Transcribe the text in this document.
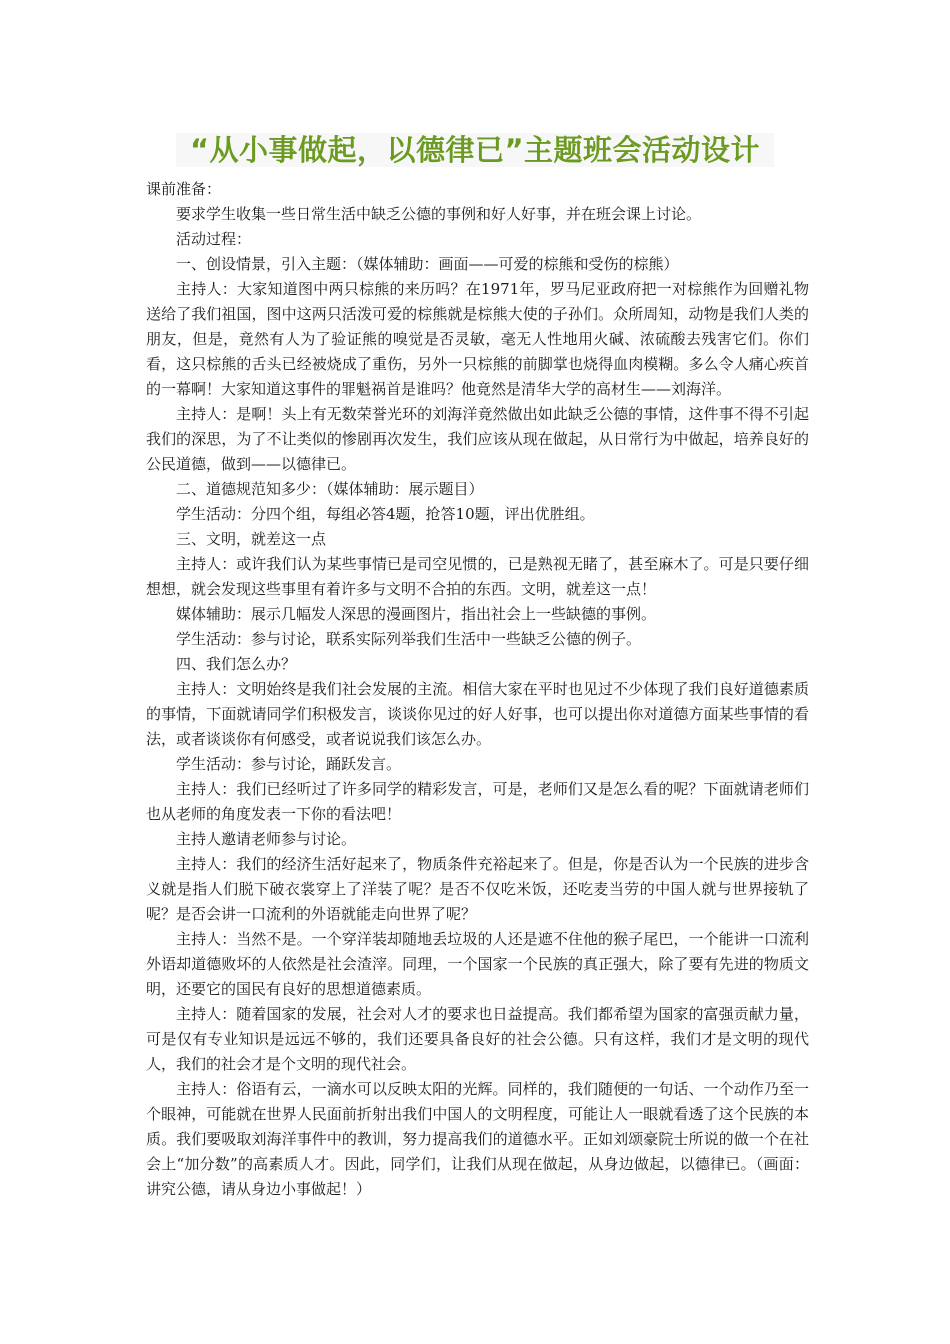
“从小事做起，以德律已”主题班会活动设计

课前准备：

要求学生收集一些日常生活中缺乏公德的事例和好人好事，并在班会课上讨论。

活动过程：

一、创设情景，引入主题：（媒体辅助：画面——可爱的棕熊和受伤的棕熊）

主持人：大家知道图中两只棕熊的来历吗？在1971年，罗马尼亚政府把一对棕熊作为回赠礼物送给了我们祖国，图中这两只活泼可爱的棕熊就是棕熊大使的子孙们。众所周知，动物是我们人类的朋友，但是，竟然有人为了验证熊的嗅觉是否灵敏，毫无人性地用火碱、浓硫酸去残害它们。你们看，这只棕熊的舌头已经被烧成了重伤，另外一只棕熊的前脚掌也烧得血肉模糊。多么令人痛心疾首的一幕啊！大家知道这事件的罪魁祸首是谁吗？他竟然是清华大学的高材生——刘海洋。

主持人：是啊！头上有无数荣誉光环的刘海洋竟然做出如此缺乏公德的事情，这件事不得不引起我们的深思，为了不让类似的惨剧再次发生，我们应该从现在做起，从日常行为中做起，培养良好的公民道德，做到——以德律已。

二、道德规范知多少：（媒体辅助：展示题目）

学生活动：分四个组，每组必答4题，抢答10题，评出优胜组。

三、文明，就差这一点

主持人：或许我们认为某些事情已是司空见惯的，已是熟视无睹了，甚至麻木了。可是只要仔细想想，就会发现这些事里有着许多与文明不合拍的东西。文明，就差这一点！

媒体辅助：展示几幅发人深思的漫画图片，指出社会上一些缺德的事例。

学生活动：参与讨论，联系实际列举我们生活中一些缺乏公德的例子。

四、我们怎么办？

主持人：文明始终是我们社会发展的主流。相信大家在平时也见过不少体现了我们良好道德素质的事情，下面就请同学们积极发言，谈谈你见过的好人好事，也可以提出你对道德方面某些事情的看法，或者谈谈你有何感受，或者说说我们该怎么办。

学生活动：参与讨论，踊跃发言。

主持人：我们已经听过了许多同学的精彩发言，可是，老师们又是怎么看的呢？下面就请老师们也从老师的角度发表一下你的看法吧！

主持人邀请老师参与讨论。

主持人：我们的经济生活好起来了，物质条件充裕起来了。但是，你是否认为一个民族的进步含义就是指人们脱下破衣裳穿上了洋装了呢？是否不仅吃米饭，还吃麦当劳的中国人就与世界接轨了呢？是否会讲一口流利的外语就能走向世界了呢？

主持人：当然不是。一个穿洋装却随地丢垃圾的人还是遮不住他的猴子尾巴，一个能讲一口流利外语却道德败坏的人依然是社会渣滓。同理，一个国家一个民族的真正强大，除了要有先进的物质文明，还要它的国民有良好的思想道德素质。

主持人：随着国家的发展，社会对人才的要求也日益提高。我们都希望为国家的富强贡献力量，可是仅有专业知识是远远不够的，我们还要具备良好的社会公德。只有这样，我们才是文明的现代人，我们的社会才是个文明的现代社会。

主持人：俗语有云，一滴水可以反映太阳的光辉。同样的，我们随便的一句话、一个动作乃至一个眼神，可能就在世界人民面前折射出我们中国人的文明程度，可能让人一眼就看透了这个民族的本质。我们要吸取刘海洋事件中的教训，努力提高我们的道德水平。正如刘颂豪院士所说的做一个在社会上“加分数”的高素质人才。因此，同学们，让我们从现在做起，从身边做起，以德律已。（画面：讲究公德，请从身边小事做起！）
